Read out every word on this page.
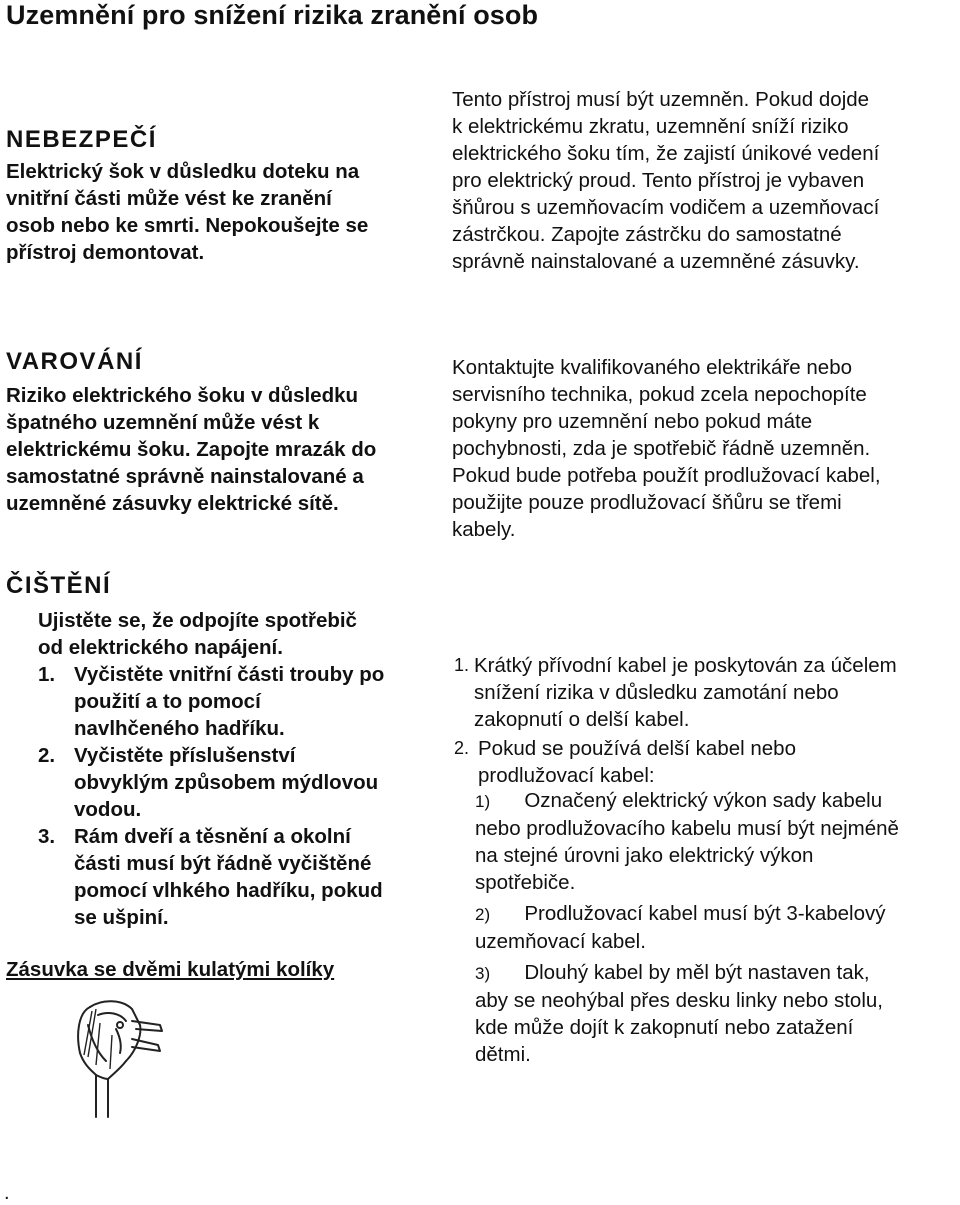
Uzemnění pro snížení rizika zranění osob
NEBEZPEČÍ

Elektrický šok v důsledku doteku na
vnitřní části může vést ke zranění
osob nebo ke smrti. Nepokoušejte se
přístroj demontovat.

Tento přístroj musí být uzemněn. Pokud dojde
k elektrickému zkratu, uzemnění sníží riziko
elektrického šoku tím, že zajistí únikové vedení
pro elektrický proud. Tento přístroj je vybaven
šňůrou s uzemňovacím vodičem a uzemňovací
zástrčkou. Zapojte zástrčku do samostatné
správně nainstalované a uzemněné zásuvky.

VAROVÁNÍ

Riziko elektrického šoku v důsledku
špatného uzemnění může vést k
elektrickému šoku. Zapojte mrazák do
samostatné správně nainstalované a
uzemněné zásuvky elektrické sítě.

Kontaktujte kvalifikovaného elektrikáře nebo
servisního technika, pokud zcela nepochopíte
pokyny pro uzemnění nebo pokud máte
pochybnosti, zda je spotřebič řádně uzemněn.
Pokud bude potřeba použít prodlužovací kabel,
použijte pouze prodlužovací šňůru se třemi
kabely.

ČIŠTĚNÍ

Ujistěte se, že odpojíte spotřebič
od elektrického napájení.

1. Vyčistěte vnitřní části trouby po
použití a to pomocí
navlhčeného hadříku.
2. Vyčistěte příslušenství
obvyklým způsobem mýdlovou
vodou.
3. Rám dveří a těsnění a okolní
části musí být řádně vyčištěné
pomocí vlhkého hadříku, pokud
se ušpiní.
Zásuvka se dvěmi kulatými kolíky
1. Krátký přívodní kabel je poskytován za účelem
snížení rizika v důsledku zamotání nebo
zakopnutí o delší kabel.
2. Pokud se používá delší kabel nebo
prodlužovací kabel:
1) Označený elektrický výkon sady kabelu
nebo prodlužovacího kabelu musí být nejméně
na stejné úrovni jako elektrický výkon
spotřebiče.
2) Prodlužovací kabel musí být 3-kabelový
uzemňovací kabel.
3) Dlouhý kabel by měl být nastaven tak,
aby se neohýbal přes desku linky nebo stolu,
kde může dojít k zakopnutí nebo zatažení
dětmi.
.
